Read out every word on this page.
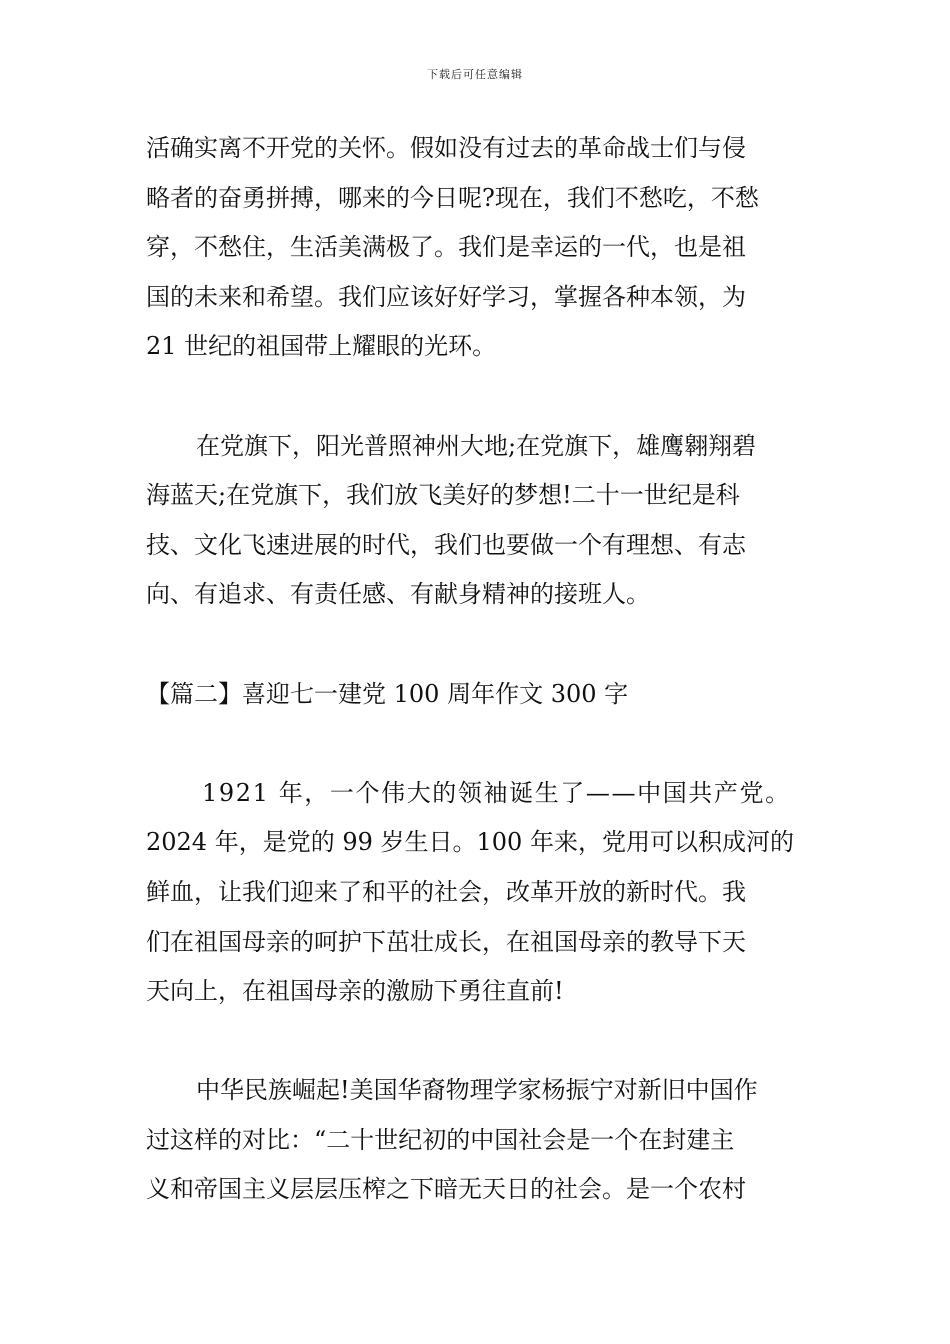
下载后可任意编辑
活确实离不开党的关怀。假如没有过去的革命战士们与侵
略者的奋勇拼搏，哪来的今日呢?现在，我们不愁吃，不愁
穿，不愁住，生活美满极了。我们是幸运的一代，也是祖
国的未来和希望。我们应该好好学习，掌握各种本领，为
21 世纪的祖国带上耀眼的光环。
在党旗下，阳光普照神州大地;在党旗下，雄鹰翱翔碧
海蓝天;在党旗下，我们放飞美好的梦想!二十一世纪是科
技、文化飞速进展的时代，我们也要做一个有理想、有志
向、有追求、有责任感、有献身精神的接班人。
【篇二】喜迎七一建党 100 周年作文 300 字
1921 年，一个伟大的领袖诞生了——中国共产党。
2024 年，是党的 99 岁生日。100 年来，党用可以积成河的
鲜血，让我们迎来了和平的社会，改革开放的新时代。我
们在祖国母亲的呵护下茁壮成长，在祖国母亲的教导下天
天向上，在祖国母亲的激励下勇往直前!
中华民族崛起!美国华裔物理学家杨振宁对新旧中国作
过这样的对比：“二十世纪初的中国社会是一个在封建主
义和帝国主义层层压榨之下暗无天日的社会。是一个农村
